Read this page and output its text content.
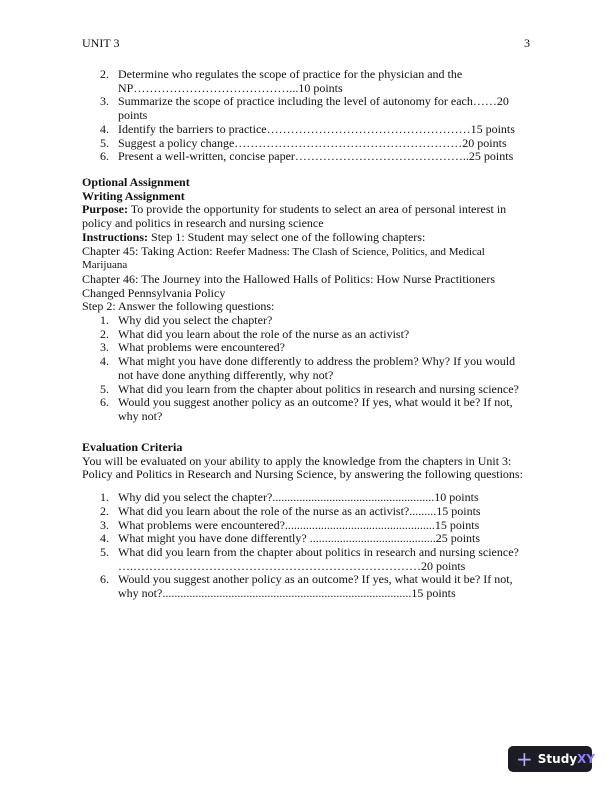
UNIT 3	3
2. Determine who regulates the scope of practice for the physician and the
NP…………………………………...10 points
3. Summarize the scope of practice including the level of autonomy for each……20
points
4. Identify the barriers to practice……………………………………………15 points
5. Suggest a policy change…………………………………………………20 points
6. Present a well-written, concise paper……………………………………..25 points
Optional Assignment
Writing Assignment
Purpose: To provide the opportunity for students to select an area of personal interest in
policy and politics in research and nursing science
Instructions: Step 1: Student may select one of the following chapters:
Chapter 45: Taking Action: Reefer Madness: The Clash of Science, Politics, and Medical
Marijuana
Chapter 46: The Journey into the Hallowed Halls of Politics: How Nurse Practitioners
Changed Pennsylvania Policy
Step 2: Answer the following questions:
1. Why did you select the chapter?
2. What did you learn about the role of the nurse as an activist?
3. What problems were encountered?
4. What might you have done differently to address the problem? Why? If you would
not have done anything differently, why not?
5. What did you learn from the chapter about politics in research and nursing science?
6. Would you suggest another policy as an outcome? If yes, what would it be? If not,
why not?
Evaluation Criteria
You will be evaluated on your ability to apply the knowledge from the chapters in Unit 3:
Policy and Politics in Research and Nursing Science, by answering the following questions:
1. Why did you select the chapter?......................................................10 points
2. What did you learn about the role of the nurse as an activist?.........15 points
3. What problems were encountered?..................................................15 points
4. What might you have done differently? ..........................................25 points
5. What did you learn from the chapter about politics in research and nursing science?
….………………………………………………………………20 points
6. Would you suggest another policy as an outcome? If yes, what would it be? If not,
why not?...................................................................................15 points
+ Study XY
